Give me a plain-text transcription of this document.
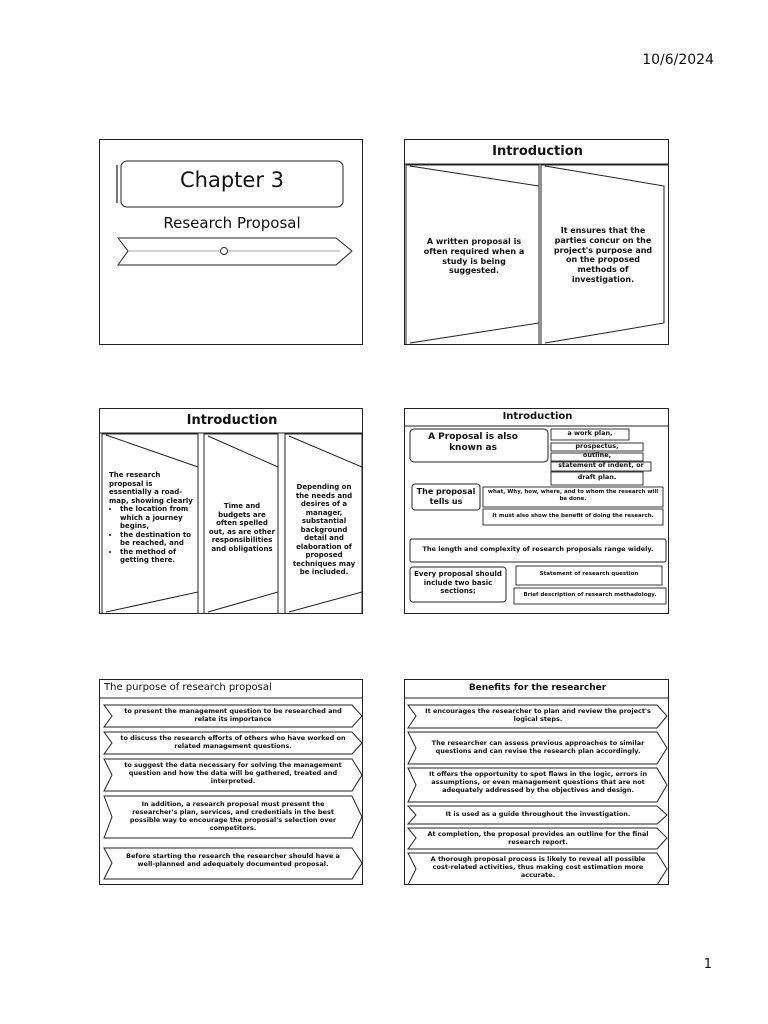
10/6/2024
Chapter 3
Research Proposal
Introduction
A written proposal is often required when a study is being suggested.
It ensures that the parties concur on the project's purpose and on the proposed methods of investigation.
Introduction
The research proposal is essentially a road-map, showing clearly
• the location from which a journey begins,
• the destination to be reached, and
• the method of getting there.
Time and budgets are often spelled out, as are other responsibilities and obligations
Depending on the needs and desires of a manager, substantial background detail and elaboration of proposed techniques may be included.
Introduction
A Proposal is also known as
a work plan,
prospectus,
outline,
statement of indent, or
draft plan.
The proposal tells us
what, Why, how, where, and to whom the research will be done.
It must also show the benefit of doing the research.
The length and complexity of research proposals range widely.
Every proposal should include two basic sections;
Statement of research question
Brief description of research methadology.
The purpose of research proposal
to present the management question to be researched and relate its importance
to discuss the research efforts of others who have worked on related management questions.
to suggest the data necessary for solving the management question and how the data will be gathered, treated and interpreted.
In addition, a research proposal must present the researcher's plan, services, and credentials in the best possible way to encourage the proposal's selection over competitors.
Before starting the research the researcher should have a well-planned and adequately documented proposal.
Benefits for the researcher
It encourages the researcher to plan and review the project's logical steps.
The researcher can assess previous approaches to similar questions and can revise the research plan accordingly.
It offers the opportunity to spot flaws in the logic, errors in assumptions, or even management questions that are not adequately addressed by the objectives and design.
It is used as a guide throughout the investigation.
At completion, the proposal provides an outline for the final research report.
A thorough proposal process is likely to reveal all possible cost-related activities, thus making cost estimation more accurate.
1
